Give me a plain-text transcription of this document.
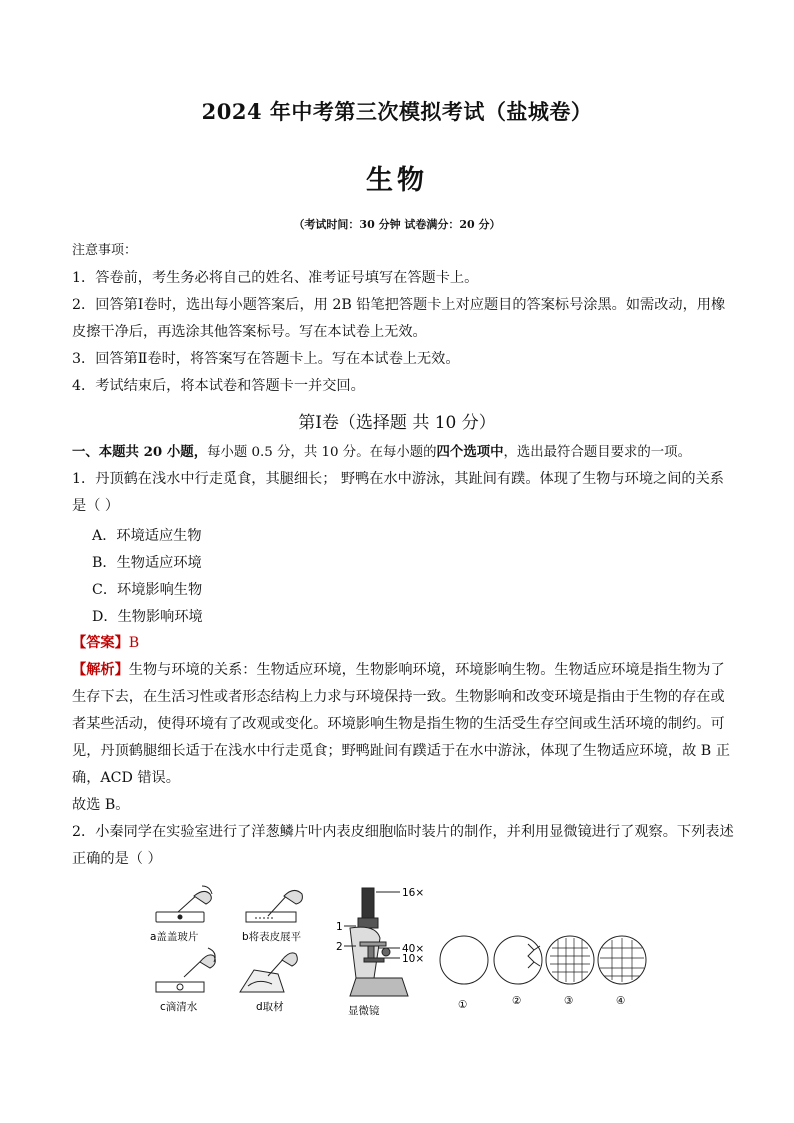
2024 年中考第三次模拟考试（盐城卷）
生物
（考试时间：30 分钟 试卷满分：20 分）
注意事项：
1．答卷前，考生务必将自己的姓名、准考证号填写在答题卡上。
2．回答第Ⅰ卷时，选出每小题答案后，用 2B 铅笔把答题卡上对应题目的答案标号涂黑。如需改动，用橡
皮擦干净后，再选涂其他答案标号。写在本试卷上无效。
3．回答第Ⅱ卷时，将答案写在答题卡上。写在本试卷上无效。
4．考试结束后，将本试卷和答题卡一并交回。
第Ⅰ卷（选择题 共 10 分）
一、本题共 20 小题，每小题 0.5 分，共 10 分。在每小题的四个选项中，选出最符合题目要求的一项。
1．丹顶鹤在浅水中行走觅食，其腿细长； 野鸭在水中游泳，其趾间有蹼。体现了生物与环境之间的关系
是（ ）
A．环境适应生物
B．生物适应环境
C．环境影响生物
D．生物影响环境
【答案】B
【解析】生物与环境的关系：生物适应环境，生物影响环境，环境影响生物。生物适应环境是指生物为了
生存下去，在生活习性或者形态结构上力求与环境保持一致。生物影响和改变环境是指由于生物的存在或
者某些活动，使得环境有了改观或变化。环境影响生物是指生物的生活受生存空间或生活环境的制约。可
见，丹顶鹤腿细长适于在浅水中行走觅食；野鸭趾间有蹼适于在水中游泳，体现了生物适应环境，故 B 正
确，ACD 错误。
故选 B。
2．小秦同学在实验室进行了洋葱鳞片叶内表皮细胞临时装片的制作，并利用显微镜进行了观察。下列表述
正确的是（ ）
a盖盖玻片	b将表皮展平
c滴清水	d取材
16×
1
2	40×
10×
显微镜	①	②	③	④
